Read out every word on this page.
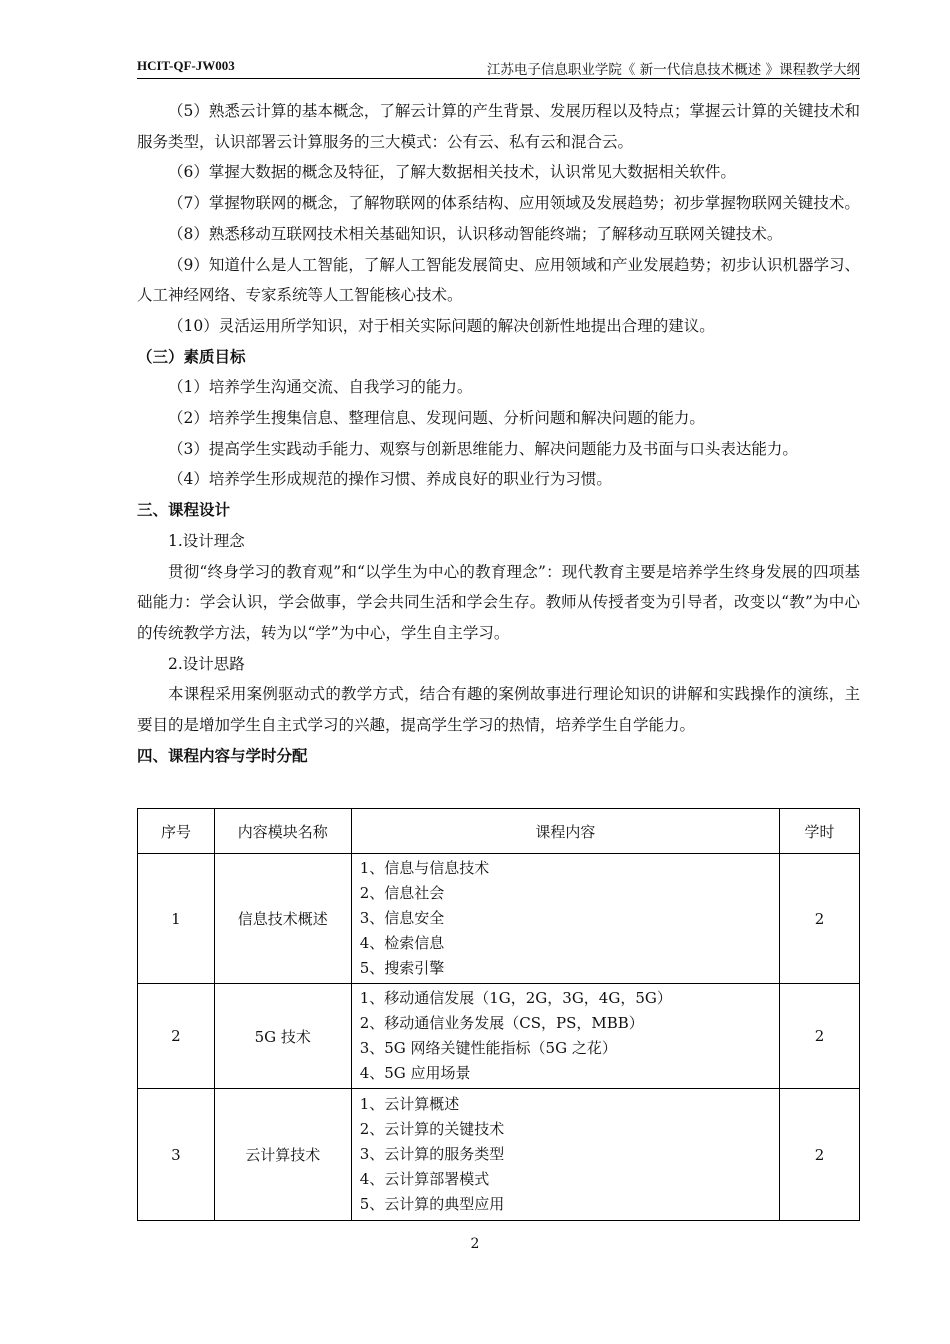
HCIT-QF-JW003	江苏电子信息职业学院《 新一代信息技术概述 》课程教学大纲

（5）熟悉云计算的基本概念，了解云计算的产生背景、发展历程以及特点；掌握云计算的关键技术和服务类型，认识部署云计算服务的三大模式：公有云、私有云和混合云。

（6）掌握大数据的概念及特征，了解大数据相关技术，认识常见大数据相关软件。

（7）掌握物联网的概念，了解物联网的体系结构、应用领域及发展趋势；初步掌握物联网关键技术。

（8）熟悉移动互联网技术相关基础知识，认识移动智能终端；了解移动互联网关键技术。

（9）知道什么是人工智能，了解人工智能发展简史、应用领域和产业发展趋势；初步认识机器学习、人工神经网络、专家系统等人工智能核心技术。

（10）灵活运用所学知识，对于相关实际问题的解决创新性地提出合理的建议。

（三）素质目标

（1）培养学生沟通交流、自我学习的能力。

（2）培养学生搜集信息、整理信息、发现问题、分析问题和解决问题的能力。

（3）提高学生实践动手能力、观察与创新思维能力、解决问题能力及书面与口头表达能力。

（4）培养学生形成规范的操作习惯、养成良好的职业行为习惯。

三、课程设计

1.设计理念

贯彻“终身学习的教育观”和“以学生为中心的教育理念”：现代教育主要是培养学生终身发展的四项基础能力：学会认识，学会做事，学会共同生活和学会生存。教师从传授者变为引导者，改变以“教”为中心的传统教学方法，转为以“学”为中心，学生自主学习。

2.设计思路

本课程采用案例驱动式的教学方式，结合有趣的案例故事进行理论知识的讲解和实践操作的演练，主要目的是增加学生自主式学习的兴趣，提高学生学习的热情，培养学生自学能力。

四、课程内容与学时分配

序号	内容模块名称	课程内容	学时
1	信息技术概述	1、信息与信息技术
2、信息社会
3、信息安全
4、检索信息
5、搜索引擎	2
2	5G 技术	1、移动通信发展（1G，2G，3G，4G，5G）
2、移动通信业务发展（CS，PS，MBB）
3、5G 网络关键性能指标（5G 之花）
4、5G 应用场景	2
3	云计算技术	1、云计算概述
2、云计算的关键技术
3、云计算的服务类型
4、云计算部署模式
5、云计算的典型应用	2
2
